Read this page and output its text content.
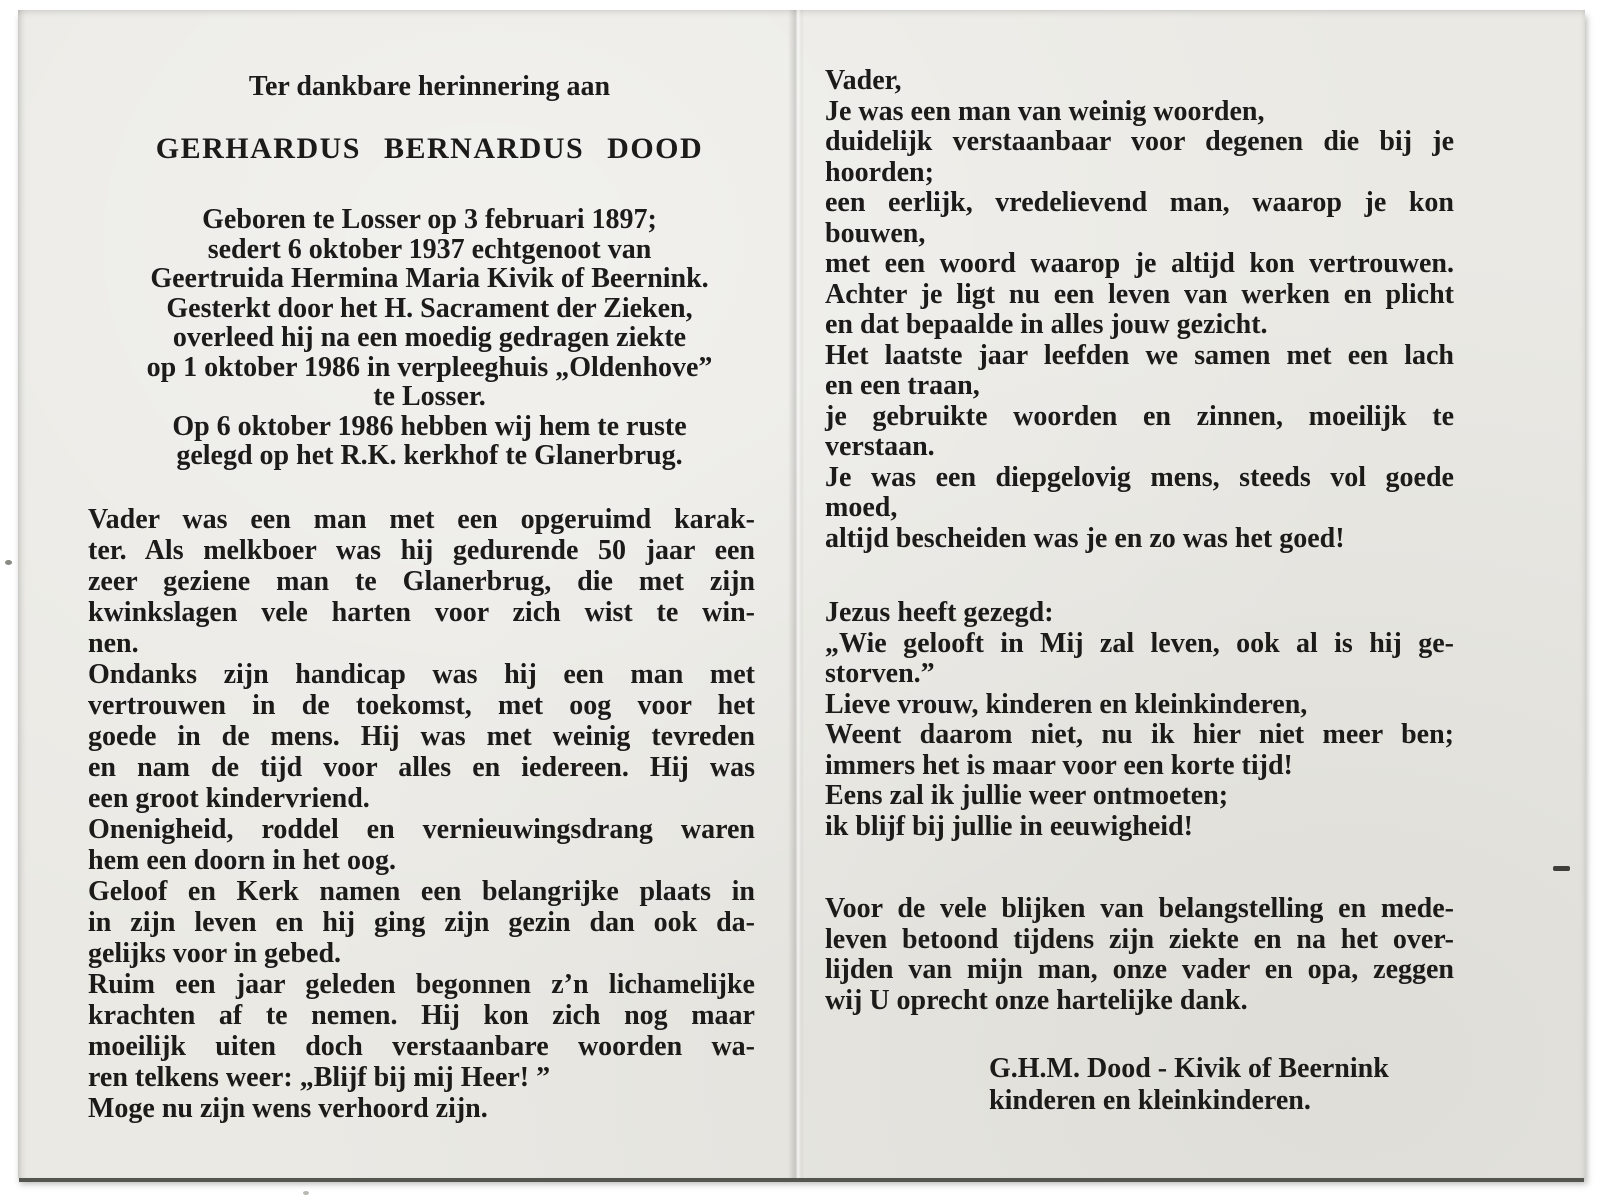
Ter dankbare herinnering aan
GERHARDUS BERNARDUS DOOD
Geboren te Losser op 3 februari 1897;
sedert 6 oktober 1937 echtgenoot van
Geertruida Hermina Maria Kivik of Beernink.
Gesterkt door het H. Sacrament der Zieken,
overleed hij na een moedig gedragen ziekte
op 1 oktober 1986 in verpleeghuis „Oldenhove”
te Losser.
Op 6 oktober 1986 hebben wij hem te ruste
gelegd op het R.K. kerkhof te Glanerbrug.
Vader was een man met een opgeruimd karak-
ter. Als melkboer was hij gedurende 50 jaar een
zeer geziene man te Glanerbrug, die met zijn
kwinkslagen vele harten voor zich wist te win-
nen.
Ondanks zijn handicap was hij een man met
vertrouwen in de toekomst, met oog voor het
goede in de mens. Hij was met weinig tevreden
en nam de tijd voor alles en iedereen. Hij was
een groot kindervriend.
Onenigheid, roddel en vernieuwingsdrang waren
hem een doorn in het oog.
Geloof en Kerk namen een belangrijke plaats in
in zijn leven en hij ging zijn gezin dan ook da-
gelijks voor in gebed.
Ruim een jaar geleden begonnen z’n lichamelijke
krachten af te nemen. Hij kon zich nog maar
moeilijk uiten doch verstaanbare woorden wa-
ren telkens weer: „Blijf bij mij Heer! ”
Moge nu zijn wens verhoord zijn.
Vader,
Je was een man van weinig woorden,
duidelijk verstaanbaar voor degenen die bij je
hoorden;
een eerlijk, vredelievend man, waarop je kon
bouwen,
met een woord waarop je altijd kon vertrouwen.
Achter je ligt nu een leven van werken en plicht
en dat bepaalde in alles jouw gezicht.
Het laatste jaar leefden we samen met een lach
en een traan,
je gebruikte woorden en zinnen, moeilijk te
verstaan.
Je was een diepgelovig mens, steeds vol goede
moed,
altijd bescheiden was je en zo was het goed!
Jezus heeft gezegd:
„Wie gelooft in Mij zal leven, ook al is hij ge-
storven.”
Lieve vrouw, kinderen en kleinkinderen,
Weent daarom niet, nu ik hier niet meer ben;
immers het is maar voor een korte tijd!
Eens zal ik jullie weer ontmoeten;
ik blijf bij jullie in eeuwigheid!
Voor de vele blijken van belangstelling en mede-
leven betoond tijdens zijn ziekte en na het over-
lijden van mijn man, onze vader en opa, zeggen
wij U oprecht onze hartelijke dank.
G.H.M. Dood - Kivik of Beernink
kinderen en kleinkinderen.
